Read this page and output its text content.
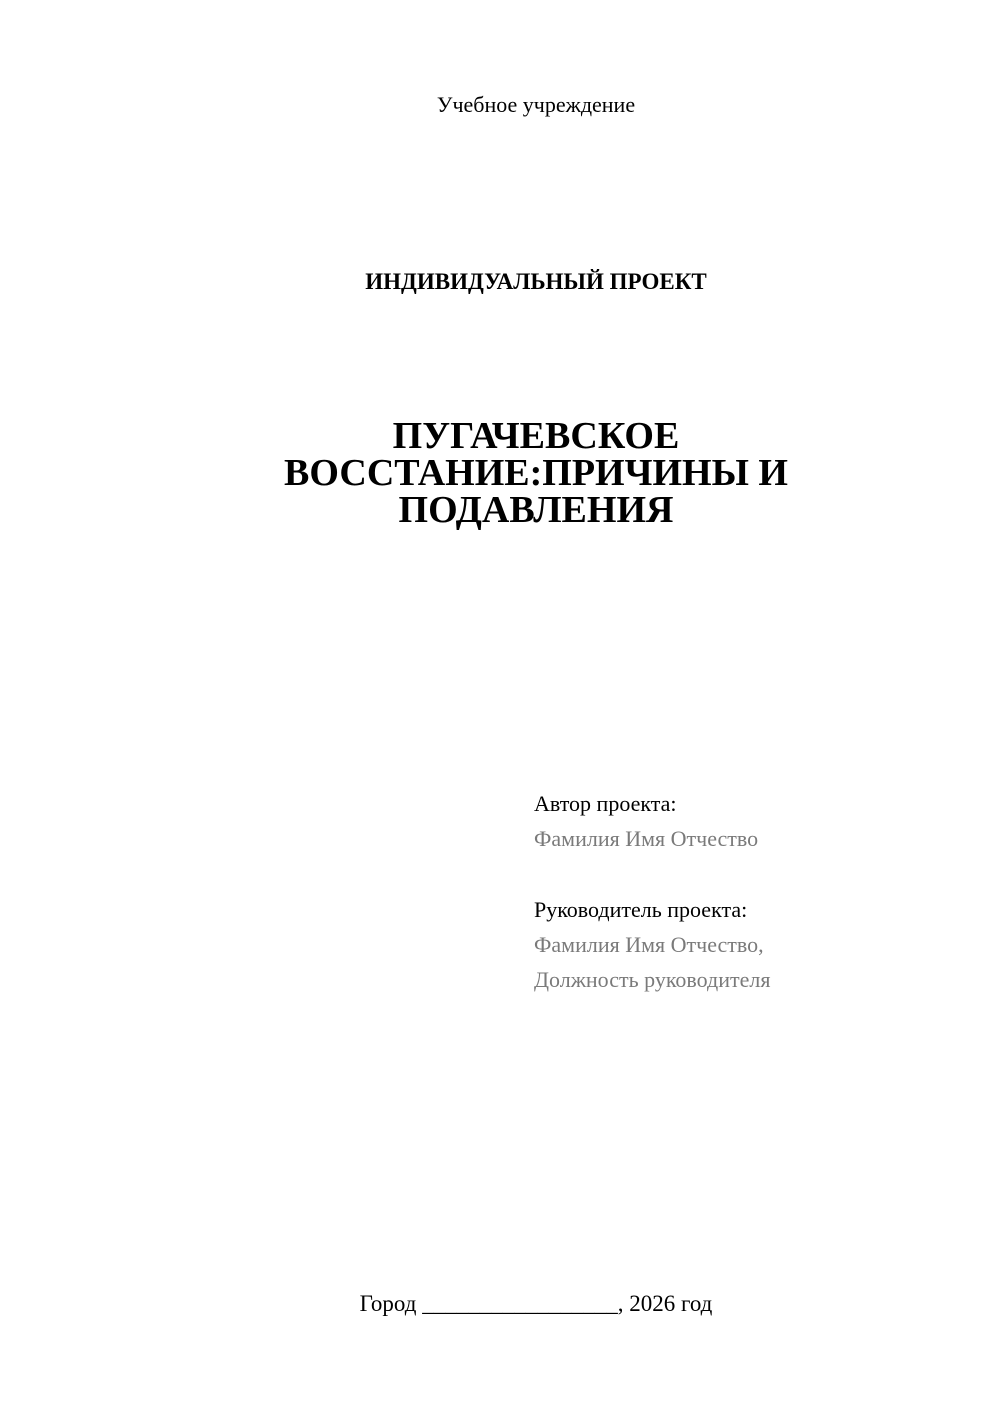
Учебное учреждение
ИНДИВИДУАЛЬНЫЙ ПРОЕКТ
ПУГАЧЕВСКОЕ
ВОССТАНИЕ:ПРИЧИНЫ И
ПОДАВЛЕНИЯ
Автор проекта:
Фамилия Имя Отчество
Руководитель проекта:
Фамилия Имя Отчество,
Должность руководителя
Город _________________, 2026 год
